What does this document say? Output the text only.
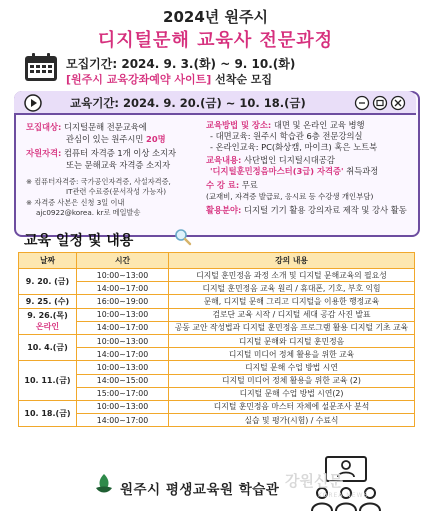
2024년 원주시
디지털문해 교육사 전문과정
모집기간: 2024. 9. 3.(화) ~ 9. 10.(화)
[원주시 교육강좌예약 사이트] 선착순 모집
교육기간: 2024. 9. 20.(금) ~ 10. 18.(금)
모집대상: 디지털문해 전문교육에
관심이 있는 원주시민 20명
자원자격: 컴퓨터 자격증 1개 이상 소지자
또는 문해교육 자격증 소지자
※ 컴퓨터자격증: 국가공인자격증, 사설자격증,
IT관련 수료증(문서작성 가능자)
※ 자격증 사본은 신청 3일 이내
ajc0922@korea. kr로 메일발송
교육방법 및 장소: 대면 및 온라인 교육 병행
- 대면교육: 원주시 학습관 6층 전문강의실
- 온라인교육: PC(화상캠, 마이크) 혹은 노트북
교육내용: 사단법인 디지털시대공감
'디지털훈민정음마스터(3급) 자격증' 취득과정
수 강 료: 무료
(교재비, 자격증 발급료, 응시료 등 수강생 개인부담)
활용분야: 디지털 기기 활용 강의자료 제작 및 강사 활동
교육 일정 및 내용
날짜	시간	강의 내용

9. 20. (금)	10:00~13:00	디지털 훈민정음 과정 소개 및 디지털 문해교육의 필요성
	14:00~17:00	디지털 훈민정음 교육 원리 / 휴대폰, 기호, 부호 익힘

9. 25. (수)	16:00~19:00	문해, 디지털 문해 그리고 디지털을 이용한 행정교육

9. 26.(목)
온라인	10:00~13:00	검로단 교육 시작 / 디지털 세대 공감 사진 발표
	14:00~17:00	공동 교안 작성법과 디지털 훈민정음 프로그램 활용 디지털 기초 교육

10. 4.(금)	10:00~13:00	디지털 문해와 디지털 훈민정음
	14:00~17:00	디지털 미디어 정체 활용을 위한 교육

10. 11.(금)	10:00~13:00	디지털 문해 수업 방법 시연
	14:00~15:00	디지털 미디어 정체 활용을 위한 교육 (2)
	15:00~17:00	디지털 문해 수업 방법 시연(2)

10. 18.(금)	10:00~13:00	디지털 훈민정음 마스터 자체에 설문조사 분석
	14:00~17:00	실습 및 평가(시험) / 수료식
원주시 평생교육원 학습관 강원신문
KOREA NEWS
